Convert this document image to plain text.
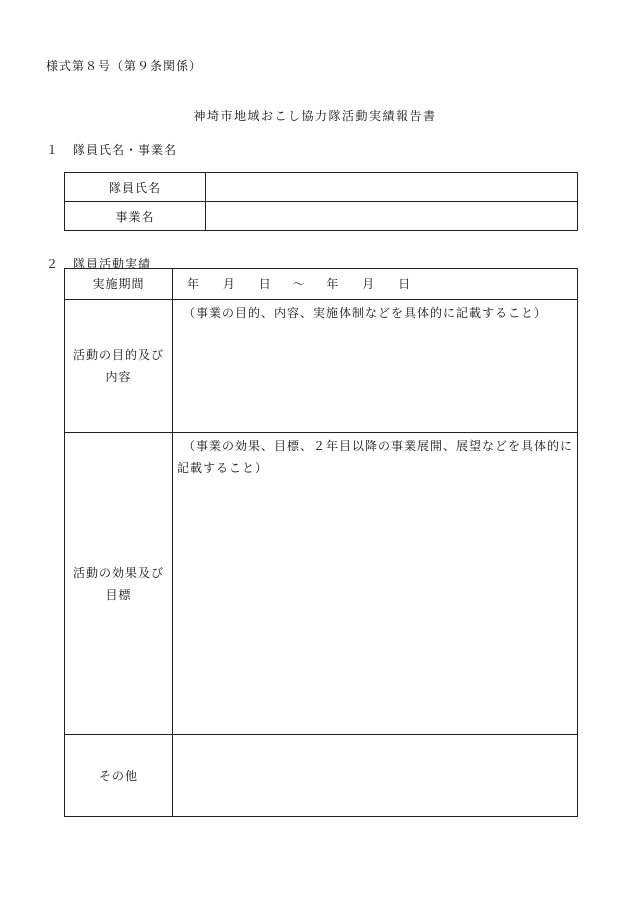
様式第８号（第９条関係）
神埼市地域おこし協力隊活動実績報告書
１ 隊員氏名・事業名
隊員氏名	
事業名	
２ 隊員活動実績
実施期間	年 月 日 ～ 年 月 日

活動の目的及び
内容	（事業の目的、内容、実施体制などを具体的に記載すること）

活動の効果及び
目標	（事業の効果、目標、２年目以降の事業展開、展望などを具体的に記載すること）

その他	
